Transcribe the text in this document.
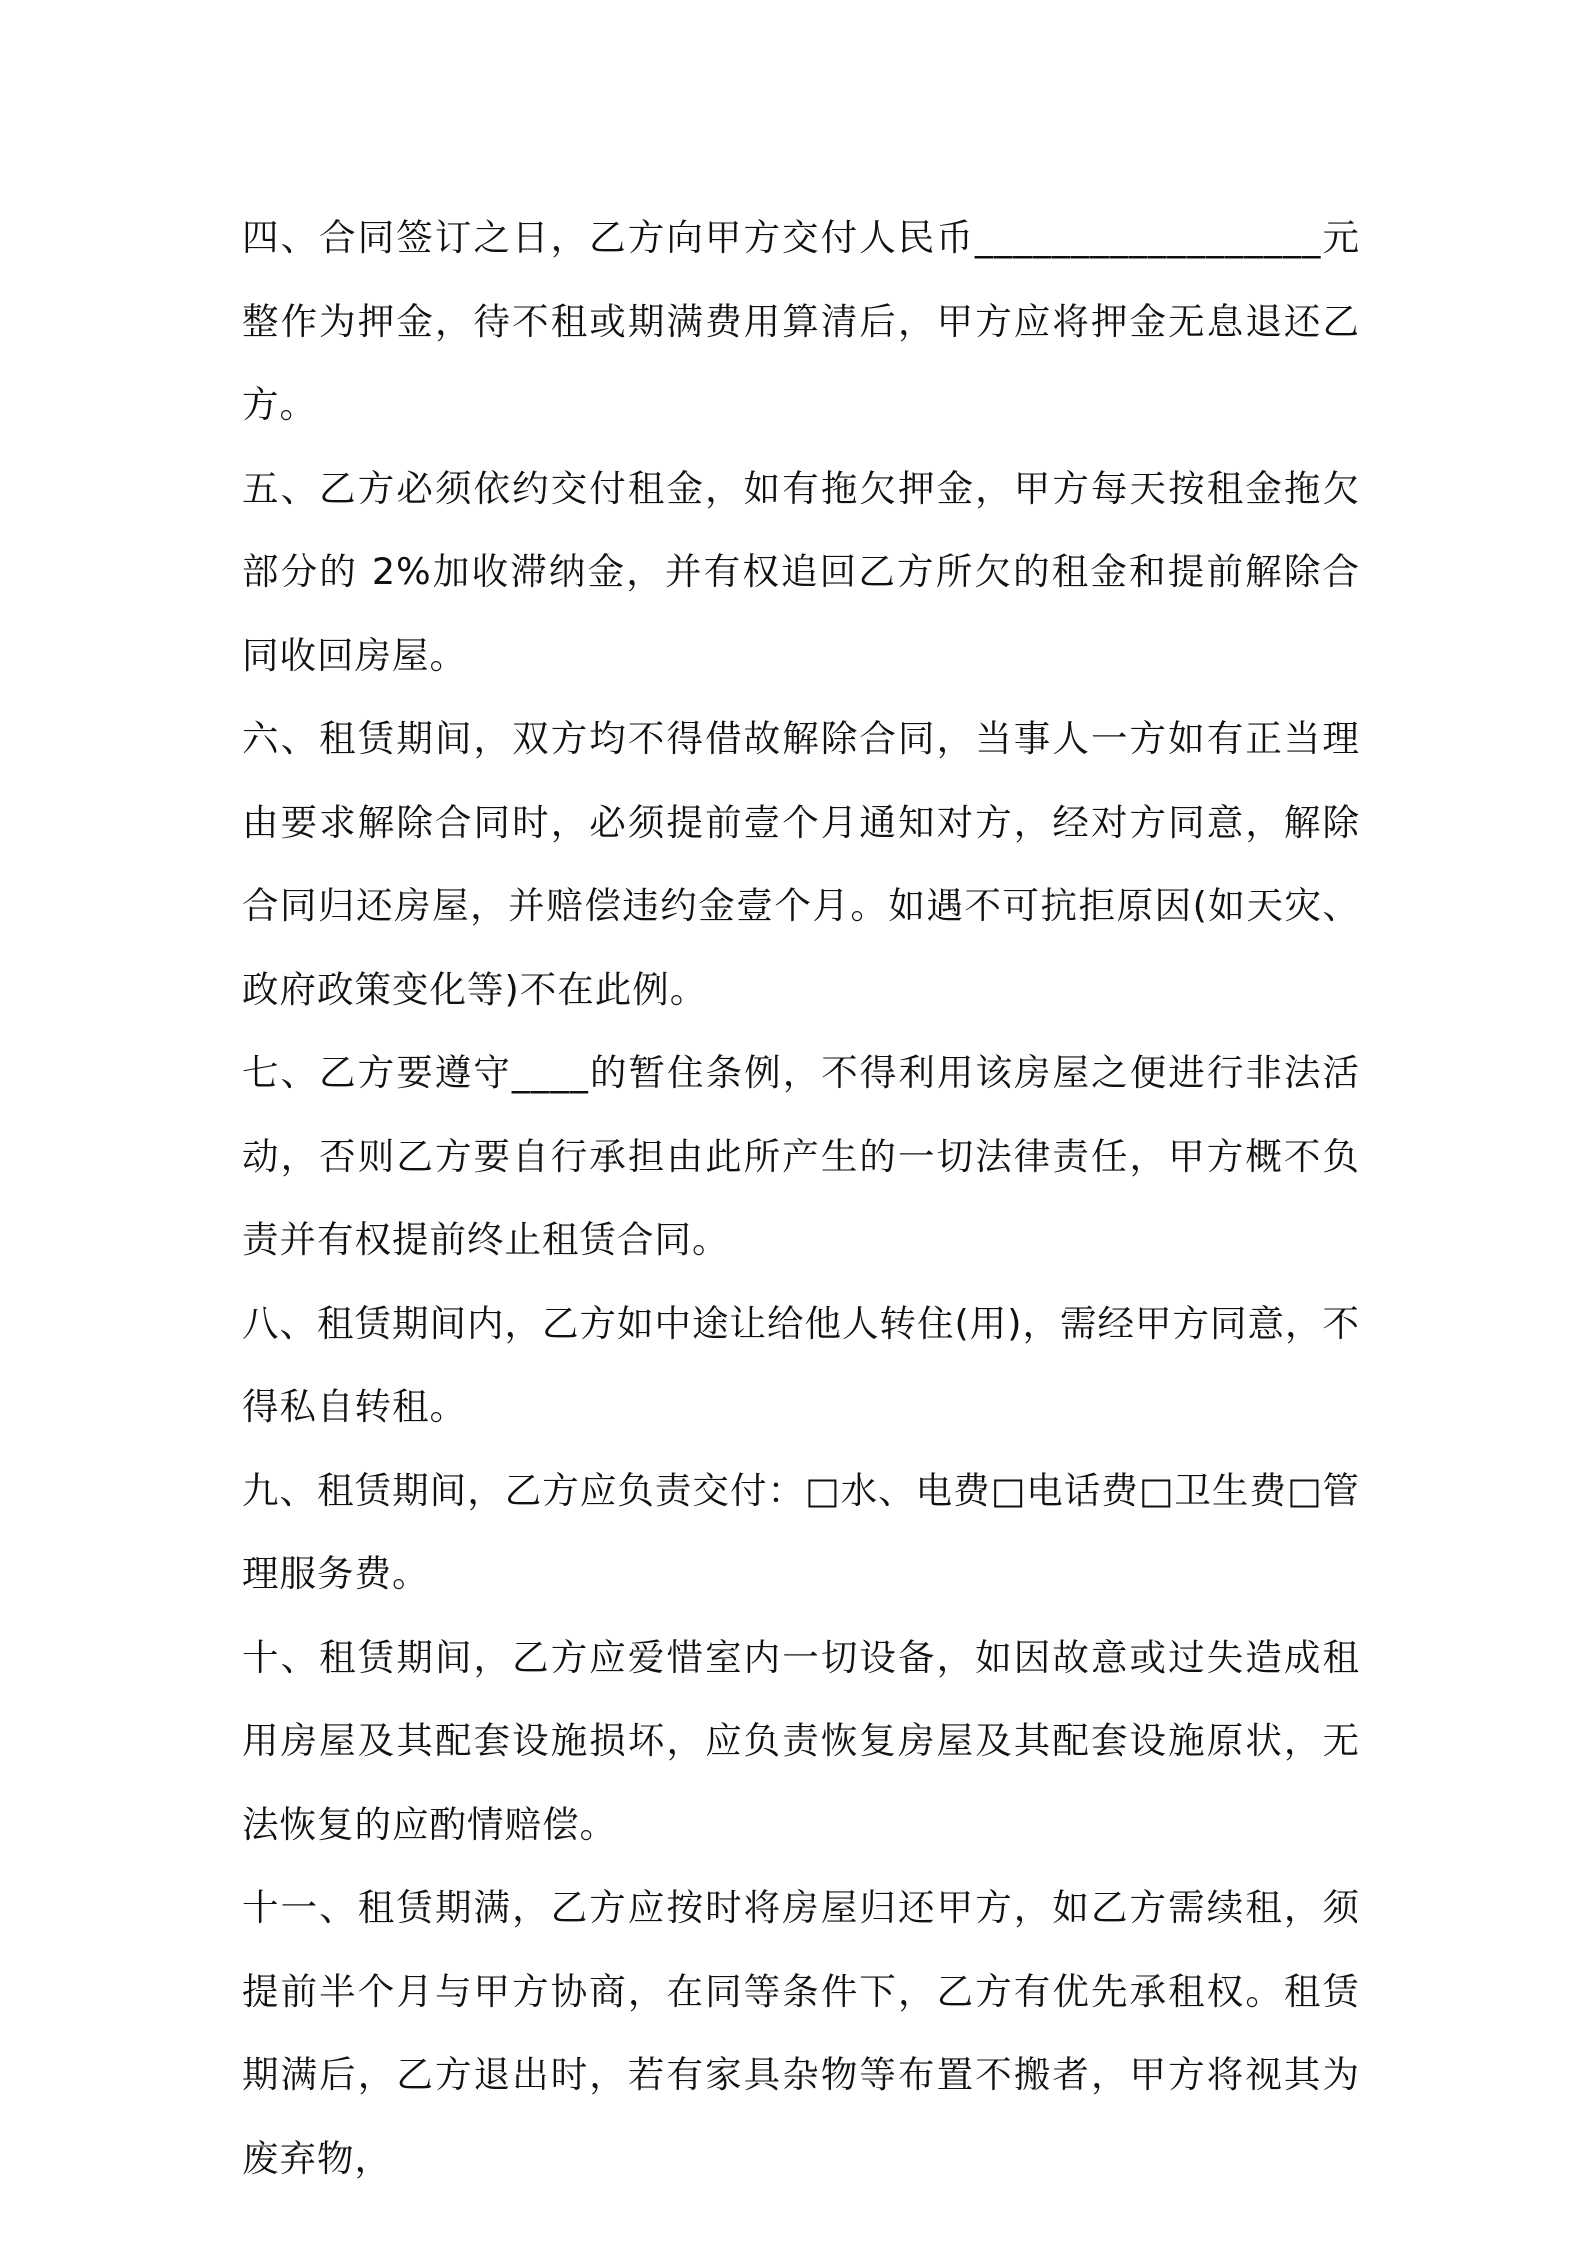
四、合同签订之日，乙方向甲方交付人民币__________________元整作为押金，待不租或期满费用算清后，甲方应将押金无息退还乙方。

五、乙方必须依约交付租金，如有拖欠押金，甲方每天按租金拖欠部分的 2%加收滞纳金，并有权追回乙方所欠的租金和提前解除合同收回房屋。

六、租赁期间，双方均不得借故解除合同，当事人一方如有正当理由要求解除合同时，必须提前壹个月通知对方，经对方同意，解除合同归还房屋，并赔偿违约金壹个月。如遇不可抗拒原因(如天灾、政府政策变化等)不在此例。

七、乙方要遵守____的暂住条例，不得利用该房屋之便进行非法活动，否则乙方要自行承担由此所产生的一切法律责任，甲方概不负责并有权提前终止租赁合同。

八、租赁期间内，乙方如中途让给他人转住(用)，需经甲方同意，不得私自转租。

九、租赁期间，乙方应负责交付：□水、电费□电话费□卫生费□管理服务费。

十、租赁期间，乙方应爱惜室内一切设备，如因故意或过失造成租用房屋及其配套设施损坏，应负责恢复房屋及其配套设施原状，无法恢复的应酌情赔偿。

十一、租赁期满，乙方应按时将房屋归还甲方，如乙方需续租，须提前半个月与甲方协商，在同等条件下，乙方有优先承租权。租赁期满后，乙方退出时，若有家具杂物等布置不搬者，甲方将视其为废弃物，
